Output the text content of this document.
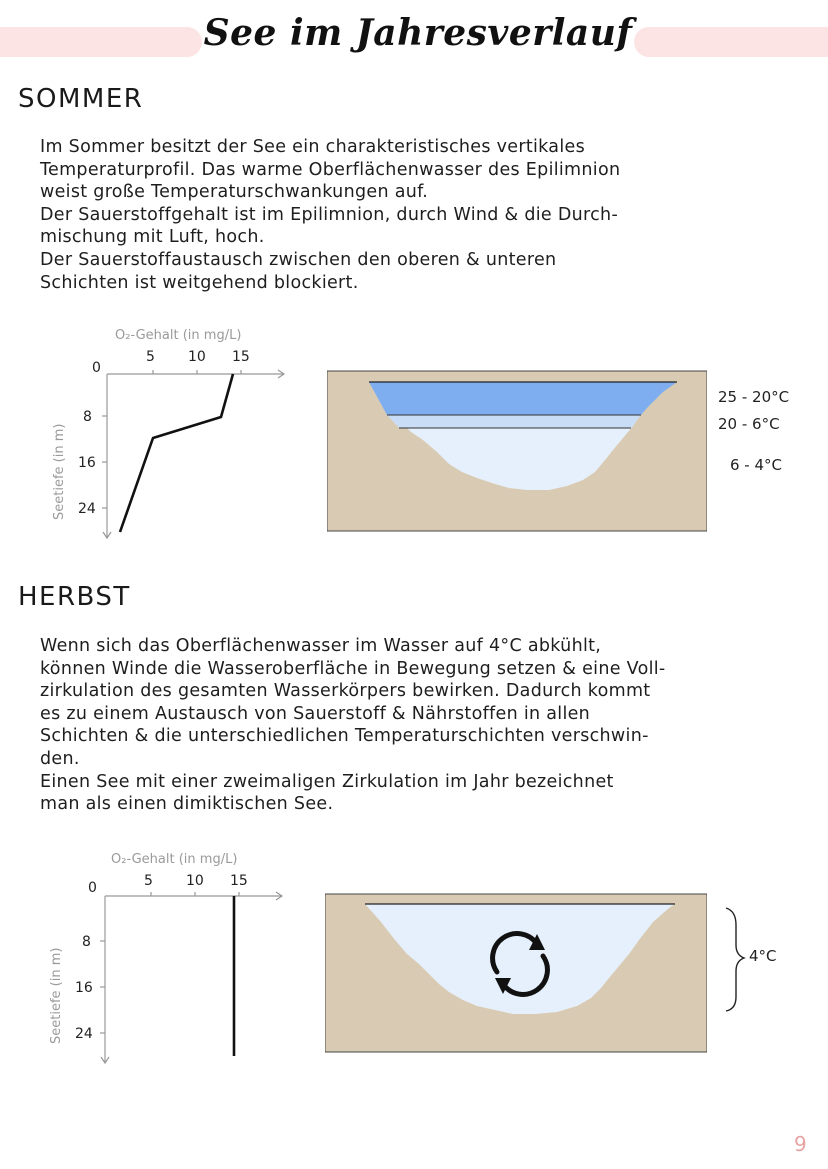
See im Jahresverlauf
SOMMER
Im Sommer besitzt der See ein charakteristisches vertikales
Temperaturprofil. Das warme Oberflächenwasser des Epilimnion
weist große Temperaturschwankungen auf.
Der Sauerstoffgehalt ist im Epilimnion, durch Wind & die Durch-
mischung mit Luft, hoch.
Der Sauerstoffaustausch zwischen den oberen & unteren
Schichten ist weitgehend blockiert.
O₂-Gehalt (in mg/L)
5 10 15
0
8
16
24
Seetiefe (in m)
25 - 20°C
20 - 6°C
6 - 4°C
HERBST
Wenn sich das Oberflächenwasser im Wasser auf 4°C abkühlt,
können Winde die Wasseroberfläche in Bewegung setzen & eine Voll-
zirkulation des gesamten Wasserkörpers bewirken. Dadurch kommt
es zu einem Austausch von Sauerstoff & Nährstoffen in allen
Schichten & die unterschiedlichen Temperaturschichten verschwin-
den.
Einen See mit einer zweimaligen Zirkulation im Jahr bezeichnet
man als einen dimiktischen See.
O₂-Gehalt (in mg/L)
5 10 15
0
8
16
24
Seetiefe (in m)	4°C
9
